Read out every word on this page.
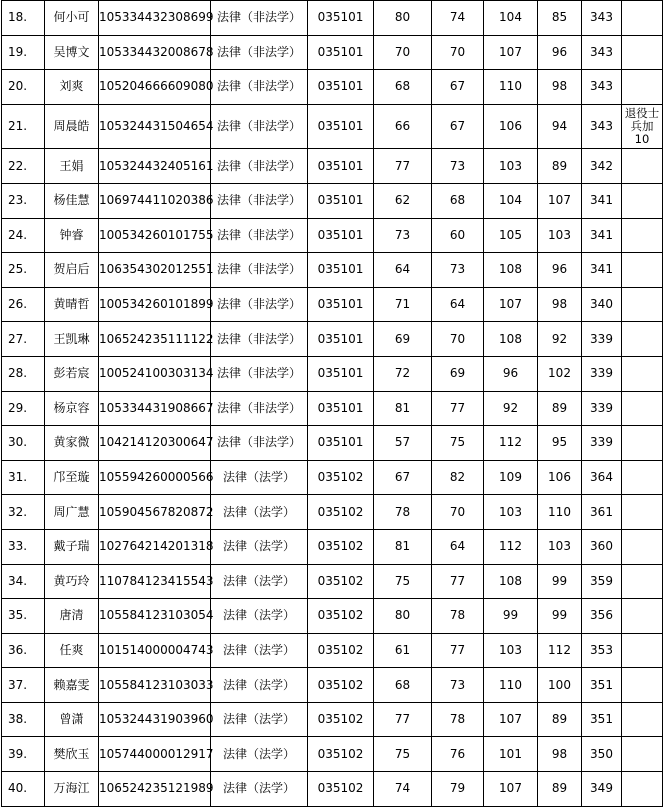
18.	何小可	105334432308699	法律（非法学）	035101	80	74	104	85	343	
19.	吴博文	105334432008678	法律（非法学）	035101	70	70	107	96	343	
20.	刘爽	105204666609080	法律（非法学）	035101	68	67	110	98	343	
21.	周晨皓	105324431504654	法律（非法学）	035101	66	67	106	94	343	退役士兵加 10
22.	王娟	105324432405161	法律（非法学）	035101	77	73	103	89	342	
23.	杨佳慧	106974411020386	法律（非法学）	035101	62	68	104	107	341	
24.	钟睿	100534260101755	法律（非法学）	035101	73	60	105	103	341	
25.	贺启后	106354302012551	法律（非法学）	035101	64	73	108	96	341	
26.	黄晴哲	100534260101899	法律（非法学）	035101	71	64	107	98	340	
27.	王凯琳	106524235111122	法律（非法学）	035101	69	70	108	92	339	
28.	彭若宸	100524100303134	法律（非法学）	035101	72	69	96	102	339	
29.	杨京容	105334431908667	法律（非法学）	035101	81	77	92	89	339	
30.	黄家微	104214120300647	法律（非法学）	035101	57	75	112	95	339	
31.	邝至璇	105594260000566	法律（法学）	035102	67	82	109	106	364	
32.	周广慧	105904567820872	法律（法学）	035102	78	70	103	110	361	
33.	戴子瑞	102764214201318	法律（法学）	035102	81	64	112	103	360	
34.	黄巧玲	110784123415543	法律（法学）	035102	75	77	108	99	359	
35.	唐清	105584123103054	法律（法学）	035102	80	78	99	99	356	
36.	任爽	101514000004743	法律（法学）	035102	61	77	103	112	353	
37.	赖嘉雯	105584123103033	法律（法学）	035102	68	73	110	100	351	
38.	曾潇	105324431903960	法律（法学）	035102	77	78	107	89	351	
39.	樊欣玉	105744000012917	法律（法学）	035102	75	76	101	98	350	
40.	万海江	106524235121989	法律（法学）	035102	74	79	107	89	349	
